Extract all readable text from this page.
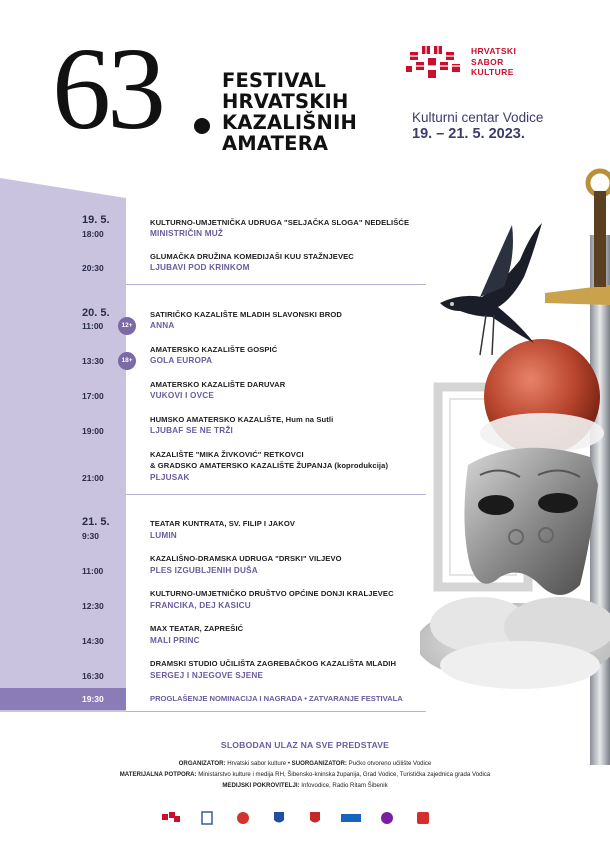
63	FESTIVAL
HRVATSKIH
KAZALIŠNIH
AMATERA
HRVATSKI
SABOR
KULTURE
Kulturni centar Vodice
19. – 21. 5. 2023.
19. 5.
18:00
KULTURNO-UMJETNIČKA UDRUGA "SELJAČKA SLOGA" NEDELIŠĆE
MINISTRIČIN MUŽ
20:30
GLUMAČKA DRUŽINA KOMEDIJAŠI KUU STAŽNJEVEC
LJUBAVI POD KRINKOM
20. 5.
11:00	12+
SATIRIČKO KAZALIŠTE MLADIH SLAVONSKI BROD
ANNA
13:30	18+
AMATERSKO KAZALIŠTE GOSPIĆ
GOLA EUROPA
17:00
AMATERSKO KAZALIŠTE DARUVAR
VUKOVI I OVCE
19:00
HUMSKO AMATERSKO KAZALIŠTE, Hum na Sutli
LJUBAF SE NE TRŽI
21:00
KAZALIŠTE "MIKA ŽIVKOVIĆ" RETKOVCI
& GRADSKO AMATERSKO KAZALIŠTE ŽUPANJA (koprodukcija)
PLJUSAK
21. 5.
9:30
TEATAR KUNTRATA, SV. FILIP I JAKOV
LUMIN
11:00
KAZALIŠNO-DRAMSKA UDRUGA "DRSKI" VILJEVO
PLES IZGUBLJENIH DUŠA
12:30
KULTURNO-UMJETNIČKO DRUŠTVO OPĆINE DONJI KRALJEVEC
FRANCIKA, DEJ KASICU
14:30
MAX TEATAR, ZAPREŠIĆ
MALI PRINC
16:30
DRAMSKI STUDIO UČILIŠTA ZAGREBAČKOG KAZALIŠTA MLADIH
SERGEJ I NJEGOVE SJENE
19:30	PROGLAŠENJE NOMINACIJA I NAGRADA • ZATVARANJE FESTIVALA
SLOBODAN ULAZ NA SVE PREDSTAVE
ORGANIZATOR: Hrvatski sabor kulture • SUORGANIZATOR: Pučko otvoreno učilište Vodice
MATERIJALNA POTPORA: Ministarstvo kulture i medija RH, Šibensko-kninska županija, Grad Vodice, Turistička zajednica grada Vodica
MEDIJSKI POKROVITELJI: Infovodice, Radio Ritam Šibenik
